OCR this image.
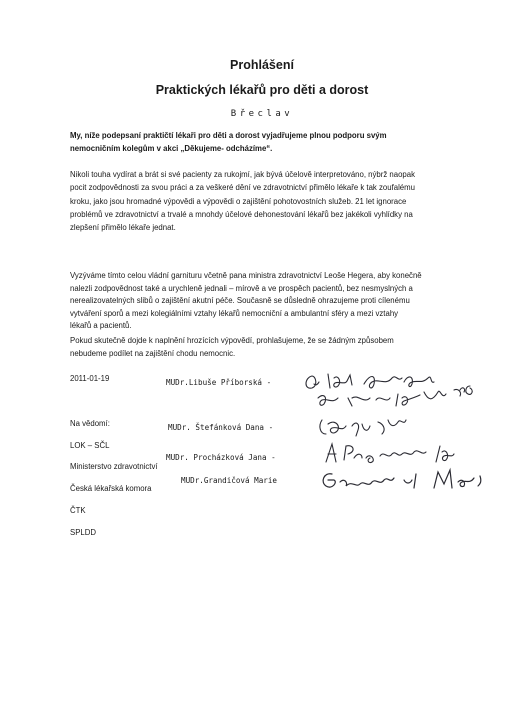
Prohlášení
Praktických lékařů pro děti a dorost
Břeclav
My, níže podepsaní praktičtí lékaři pro děti a dorost vyjadřujeme plnou podporu svým
nemocničním kolegům v akci „Děkujeme- odcházíme“.
Nikoli touha vydírat a brát si své pacienty za rukojmí, jak bývá účelově interpretováno, nýbrž naopak
pocit zodpovědnosti za svou práci a za veškeré dění ve zdravotnictví přimělo lékaře k tak zoufalému
kroku, jako jsou hromadné výpovědi a výpovědi o zajištění pohotovostních služeb. 21 let ignorace
problémů ve zdravotnictví a trvalé a mnohdy účelové dehonestování lékařů bez jakékoli vyhlídky na
zlepšení přimělo lékaře jednat.
Vyzýváme tímto celou vládní garnituru včetně pana ministra zdravotnictví Leoše Hegera, aby konečně
nalezli zodpovědnost také a urychleně jednali – mírově a ve prospěch pacientů, bez nesmyslných a
nerealizovatelných slibů o zajištění akutní péče. Současně se důsledně ohrazujeme proti cílenému
vytváření sporů a mezi kolegiálními vztahy lékařů nemocniční a ambulantní sféry a mezi vztahy
lékařů a pacientů.
Pokud skutečně dojde k naplnění hrozících výpovědí, prohlašujeme, že se žádným způsobem
nebudeme podílet na zajištění chodu nemocnic.
2011-01-19	MUDr.Libuše Příborská -
MUDr. Štefánková Dana -
MUDr. Procházková Jana -
MUDr.Grandičová Marie
Na vědomí:
LOK – SČL
Ministerstvo zdravotnictví
Česká lékařská komora
ČTK
SPLDD
